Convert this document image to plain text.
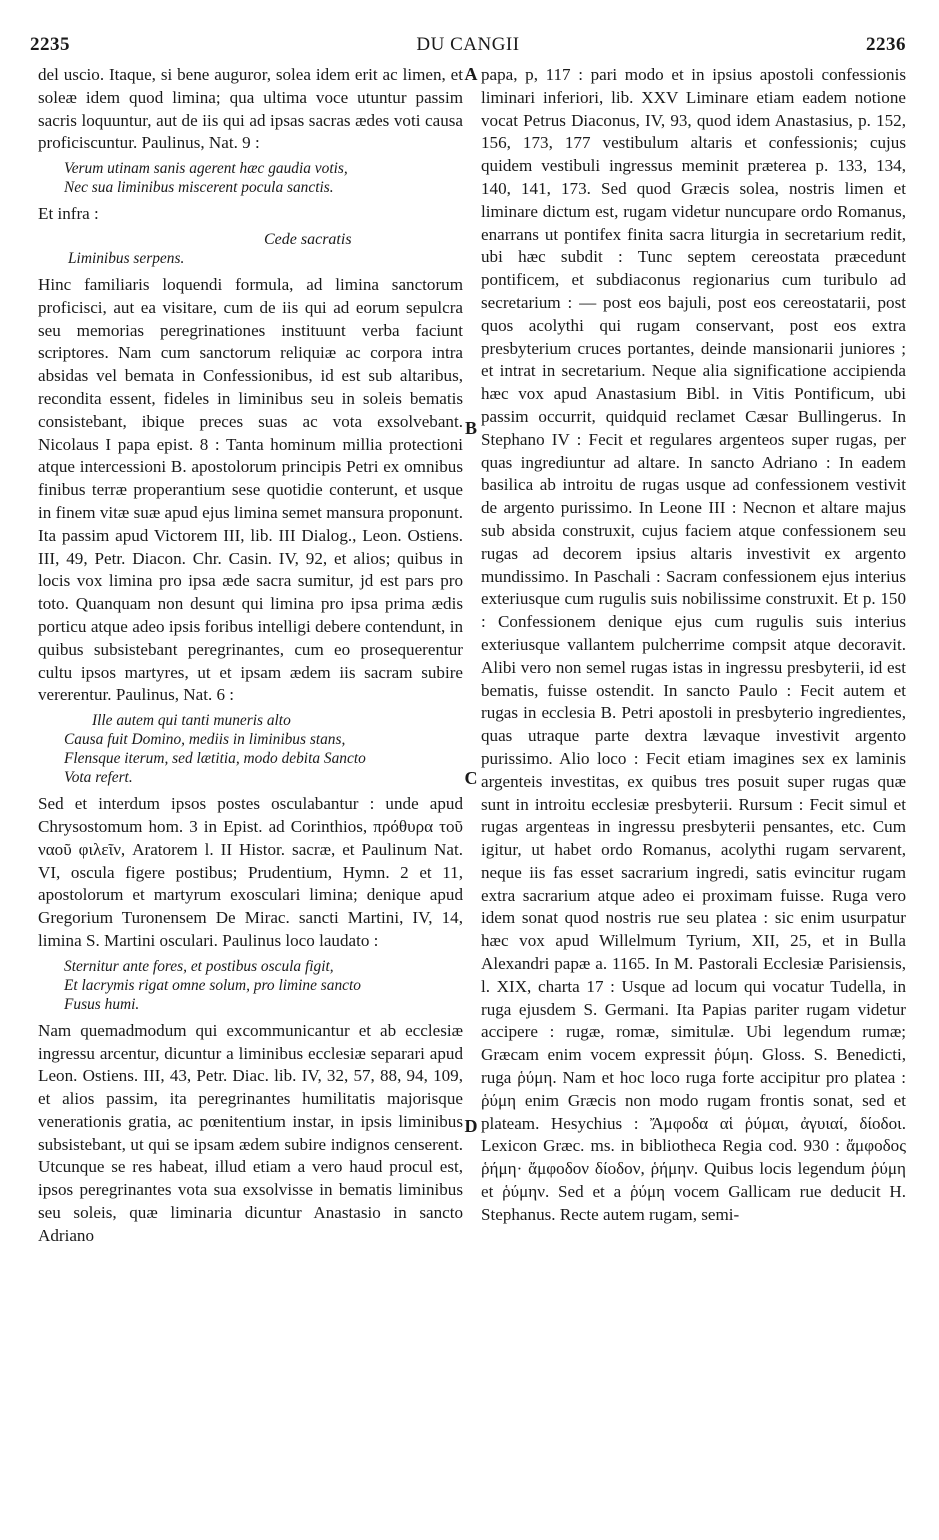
2235	DU CANGII	2236
A
B
C
D

del uscio. Itaque, si bene auguror, solea idem erit ac limen, et soleæ idem quod limina; qua ultima voce utuntur passim sacris loquuntur, aut de iis qui ad ipsas sacras ædes voti causa proficiscuntur. Paulinus, Nat. 9 :

Verum utinam sanis agerent hæc gaudia votis,
Nec sua liminibus miscerent pocula sanctis.

Et infra :

Cede sacratis
Liminibus serpens.

Hinc familiaris loquendi formula, ad limina sanctorum proficisci, aut ea visitare, cum de iis qui ad eorum sepulcra seu memorias peregrinationes instituunt verba faciunt scriptores. Nam cum sanctorum reliquiæ ac corpora intra absidas vel bemata in Confessionibus, id est sub altaribus, recondita essent, fideles in liminibus seu in soleis bematis consistebant, ibique preces suas ac vota exsolvebant. Nicolaus I papa epist. 8 : Tanta hominum millia protectioni atque intercessioni B. apostolorum principis Petri ex omnibus finibus terræ properantium sese quotidie conterunt, et usque in finem vitæ suæ apud ejus limina semet mansura proponunt. Ita passim apud Victorem III, lib. III Dialog., Leon. Ostiens. III, 49, Petr. Diacon. Chr. Casin. IV, 92, et alios; quibus in locis vox limina pro ipsa æde sacra sumitur, jd est pars pro toto. Quanquam non desunt qui limina pro ipsa prima ædis porticu atque adeo ipsis foribus intelligi debere contendunt, in quibus subsistebant peregrinantes, cum eo prosequerentur cultu ipsos martyres, ut et ipsam ædem iis sacram subire vererentur. Paulinus, Nat. 6 :

Ille autem qui tanti muneris alto
Causa fuit Domino, mediis in liminibus stans,
Flensque iterum, sed lætitia, modo debita Sancto
Vota refert.

Sed et interdum ipsos postes osculabantur : unde apud Chrysostomum hom. 3 in Epist. ad Corinthios, πρόθυρα τοῦ ναοῦ φιλεῖν, Aratorem l. II Histor. sacræ, et Paulinum Nat. VI, oscula figere postibus; Prudentium, Hymn. 2 et 11, apostolorum et martyrum exosculari limina; denique apud Gregorium Turonensem De Mirac. sancti Martini, IV, 14, limina S. Martini osculari. Paulinus loco laudato :

Sternitur ante fores, et postibus oscula figit,
Et lacrymis rigat omne solum, pro limine sancto
Fusus humi.

Nam quemadmodum qui excommunicantur et ab ecclesiæ ingressu arcentur, dicuntur a liminibus ecclesiæ separari apud Leon. Ostiens. III, 43, Petr. Diac. lib. IV, 32, 57, 88, 94, 109, et alios passim, ita peregrinantes humilitatis majorisque venerationis gratia, ac pœnitentium instar, in ipsis liminibus subsistebant, ut qui se ipsam ædem subire indignos censerent. Utcunque se res habeat, illud etiam a vero haud procul est, ipsos peregrinantes vota sua exsolvisse in bematis liminibus seu soleis, quæ liminaria dicuntur Anastasio in sancto Adriano

papa, p, 117 : pari modo et in ipsius apostoli confessionis liminari inferiori, lib. XXV Liminare etiam eadem notione vocat Petrus Diaconus, IV, 93, quod idem Anastasius, p. 152, 156, 173, 177 vestibulum altaris et confessionis; cujus quidem vestibuli ingressus meminit præterea p. 133, 134, 140, 141, 173. Sed quod Græcis solea, nostris limen et liminare dictum est, rugam videtur nuncupare ordo Romanus, enarrans ut pontifex finita sacra liturgia in secretarium redit, ubi hæc subdit : Tunc septem cereostata præcedunt pontificem, et subdiaconus regionarius cum turibulo ad secretarium : — post eos bajuli, post eos cereostatarii, post quos acolythi qui rugam conservant, post eos extra presbyterium cruces portantes, deinde mansionarii juniores ; et intrat in secretarium. Neque alia significatione accipienda hæc vox apud Anastasium Bibl. in Vitis Pontificum, ubi passim occurrit, quidquid reclamet Cæsar Bullingerus. In Stephano IV : Fecit et regulares argenteos super rugas, per quas ingrediuntur ad altare. In sancto Adriano : In eadem basilica ab introitu de rugas usque ad confessionem vestivit de argento purissimo. In Leone III : Necnon et altare majus sub absida construxit, cujus faciem atque confessionem seu rugas ad decorem ipsius altaris investivit ex argento mundissimo. In Paschali : Sacram confessionem ejus interius exteriusque cum rugulis suis nobilissime construxit. Et p. 150 : Confessionem denique ejus cum rugulis suis interius exteriusque vallantem pulcherrime compsit atque decoravit. Alibi vero non semel rugas istas in ingressu presbyterii, id est bematis, fuisse ostendit. In sancto Paulo : Fecit autem et rugas in ecclesia B. Petri apostoli in presbyterio ingredientes, quas utraque parte dextra lævaque investivit argento purissimo. Alio loco : Fecit etiam imagines sex ex laminis argenteis investitas, ex quibus tres posuit super rugas quæ sunt in introitu ecclesiæ presbyterii. Rursum : Fecit simul et rugas argenteas in ingressu presbyterii pensantes, etc. Cum igitur, ut habet ordo Romanus, acolythi rugam servarent, neque iis fas esset sacrarium ingredi, satis evincitur rugam extra sacrarium atque adeo ei proximam fuisse. Ruga vero idem sonat quod nostris rue seu platea : sic enim usurpatur hæc vox apud Willelmum Tyrium, XII, 25, et in Bulla Alexandri papæ a. 1165. In M. Pastorali Ecclesiæ Parisiensis, l. XIX, charta 17 : Usque ad locum qui vocatur Tudella, in ruga ejusdem S. Germani. Ita Papias pariter rugam videtur accipere : rugæ, romæ, simitulæ. Ubi legendum rumæ; Græcam enim vocem expressit ῥύμη. Gloss. S. Benedicti, ruga ῥύμη. Nam et hoc loco ruga forte accipitur pro platea : ῥύμη enim Græcis non modo rugam frontis sonat, sed et plateam. Hesychius : Ἄμφοδα αἱ ῥύμαι, ἀγυιαί, δίοδοι. Lexicon Græc. ms. in bibliotheca Regia cod. 930 : ἄμφοδος ῥήμη· ἄμφοδον δίοδον, ῥήμην. Quibus locis legendum ῥύμη et ῥύμην. Sed et a ῥύμη vocem Gallicam rue deducit H. Stephanus. Recte autem rugam, semi-
